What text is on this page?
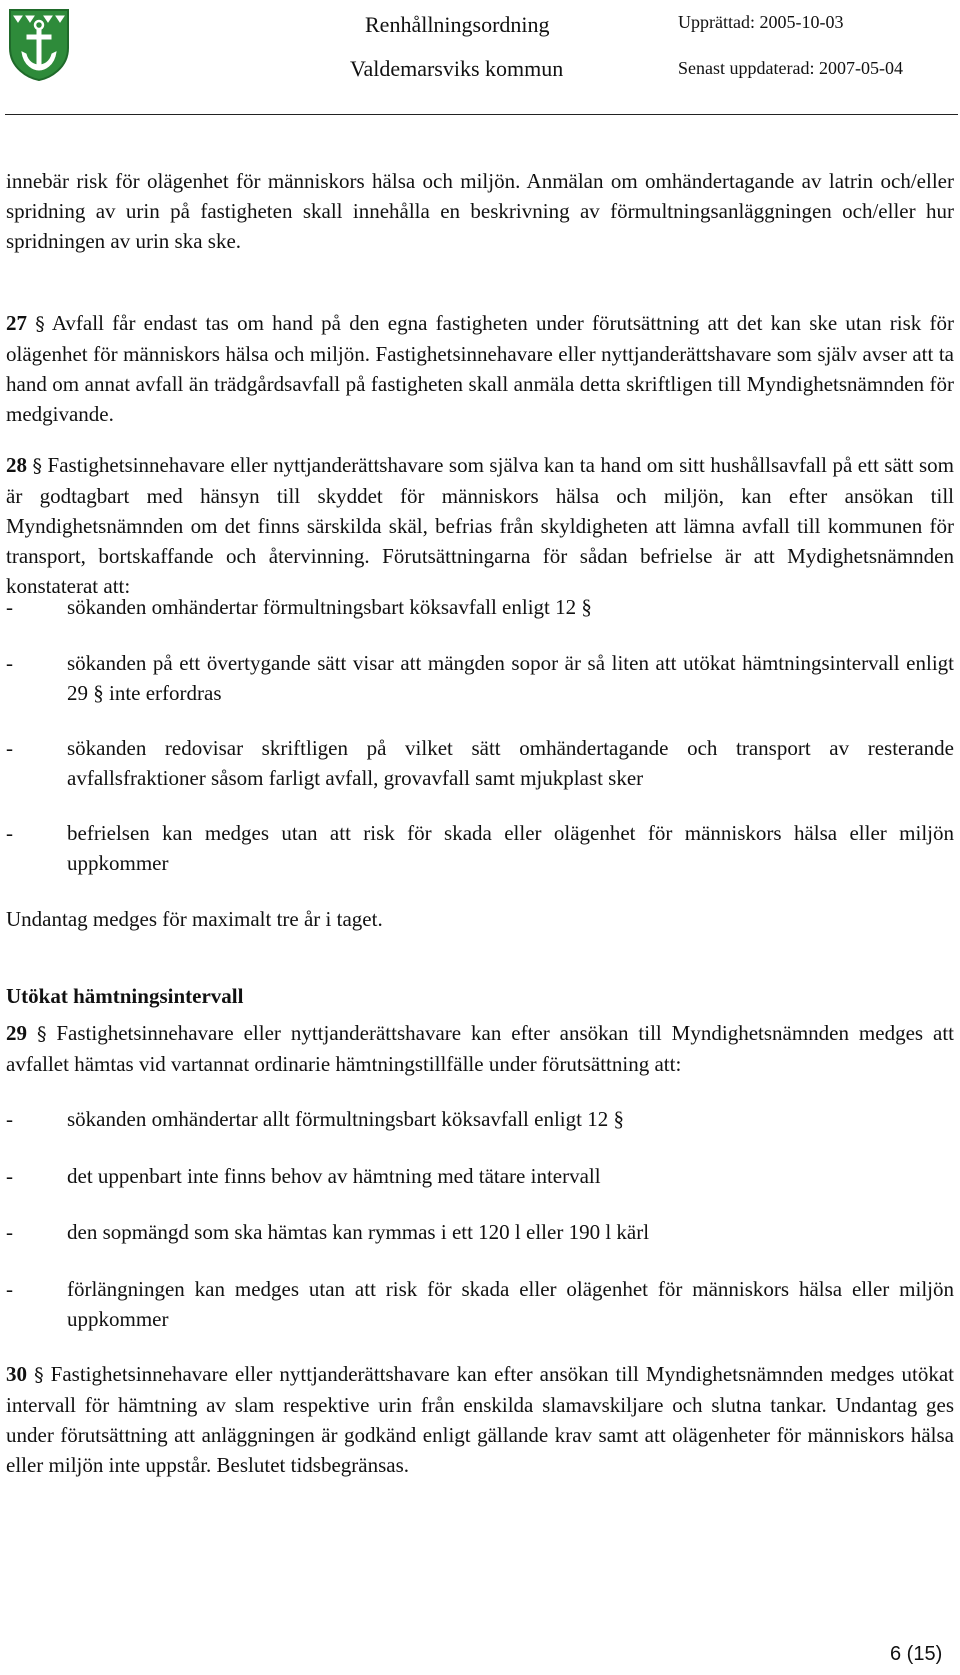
Renhållningsordning
Valdemarsviks kommun
Upprättad: 2005-10-03
Senast uppdaterad: 2007-05-04
innebär risk för olägenhet för människors hälsa och miljön. Anmälan om omhändertagande av latrin och/eller spridning av urin på fastigheten skall innehålla en beskrivning av förmultningsanläggningen och/eller hur spridningen av urin ska ske.
27 § Avfall får endast tas om hand på den egna fastigheten under förutsättning att det kan ske utan risk för olägenhet för människors hälsa och miljön. Fastighetsinnehavare eller nyttjanderättshavare som själv avser att ta hand om annat avfall än trädgårdsavfall på fastigheten skall anmäla detta skriftligen till Myndighetsnämnden för medgivande.
28 § Fastighetsinnehavare eller nyttjanderättshavare som själva kan ta hand om sitt hushållsavfall på ett sätt som är godtagbart med hänsyn till skyddet för människors hälsa och miljön, kan efter ansökan till Myndighetsnämnden om det finns särskilda skäl, befrias från skyldigheten att lämna avfall till kommunen för transport, bortskaffande och återvinning. Förutsättningarna för sådan befrielse är att Mydighetsnämnden konstaterat att:
-	sökanden omhändertar förmultningsbart köksavfall enligt 12 §
-	sökanden på ett övertygande sätt visar att mängden sopor är så liten att utökat hämtningsintervall enligt 29 § inte erfordras
-	sökanden redovisar skriftligen på vilket sätt omhändertagande och transport av resterande avfallsfraktioner såsom farligt avfall, grovavfall samt mjukplast sker
-	befrielsen kan medges utan att risk för skada eller olägenhet för människors hälsa eller miljön uppkommer
Undantag medges för maximalt tre år i taget.
Utökat hämtningsintervall
29 § Fastighetsinnehavare eller nyttjanderättshavare kan efter ansökan till Myndighetsnämnden medges att avfallet hämtas vid vartannat ordinarie hämtningstillfälle under förutsättning att:
-	sökanden omhändertar allt förmultningsbart köksavfall enligt 12 §
-	det uppenbart inte finns behov av hämtning med tätare intervall
-	den sopmängd som ska hämtas kan rymmas i ett 120 l eller 190 l kärl
-	förlängningen kan medges utan att risk för skada eller olägenhet för människors hälsa eller miljön uppkommer
30 § Fastighetsinnehavare eller nyttjanderättshavare kan efter ansökan till Myndighetsnämnden medges utökat intervall för hämtning av slam respektive urin från enskilda slamavskiljare och slutna tankar. Undantag ges under förutsättning att anläggningen är godkänd enligt gällande krav samt att olägenheter för människors hälsa eller miljön inte uppstår. Beslutet tidsbegränsas.
6 (15)
